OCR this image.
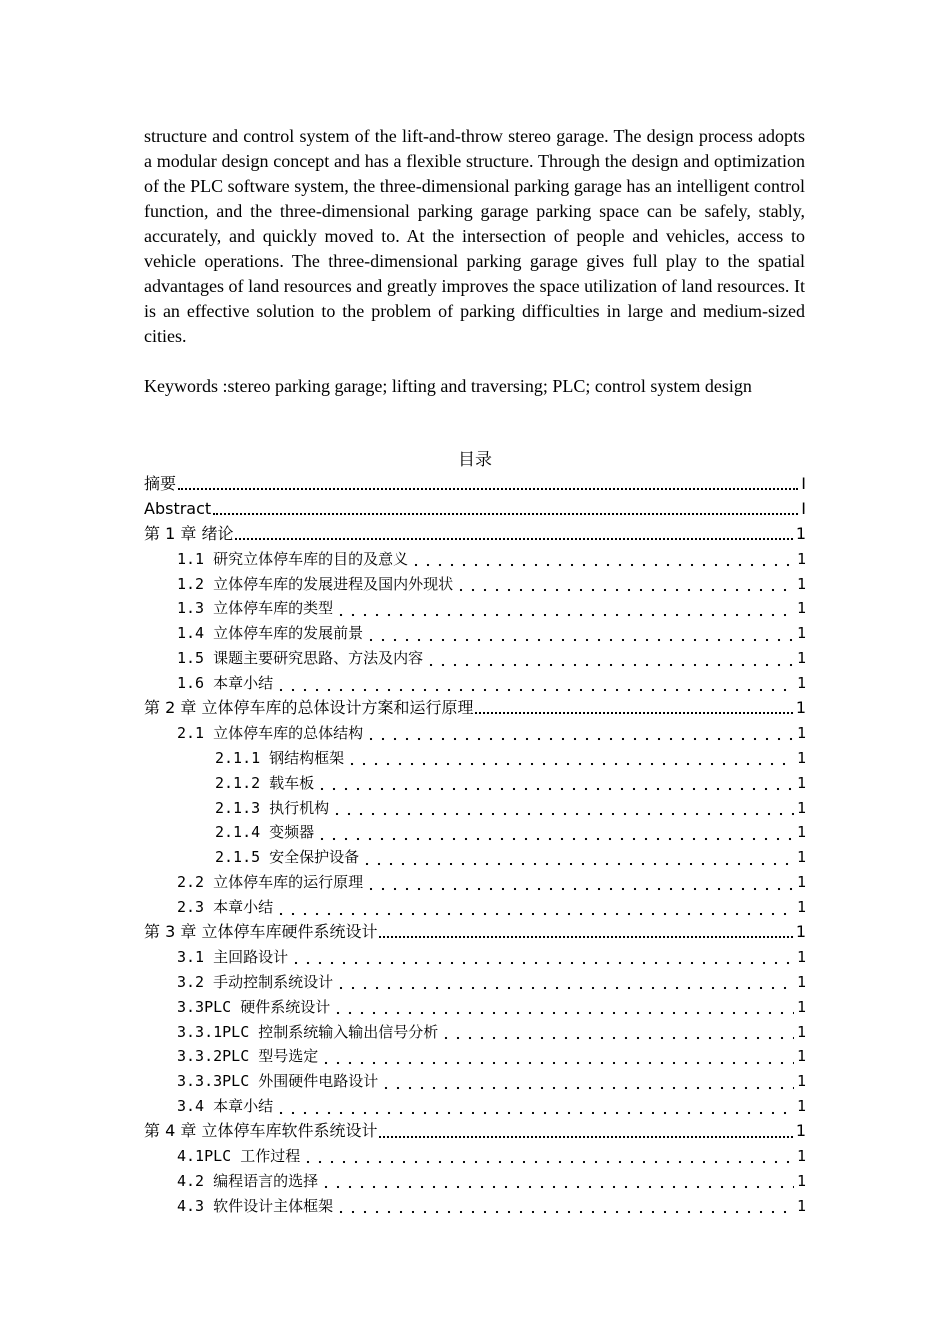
structure and control system of the lift-and-throw stereo garage. The design process adopts a modular design concept and has a flexible structure. Through the design and optimization of the PLC software system, the three-dimensional parking garage has an intelligent control function, and the three-dimensional parking garage parking space can be safely, stably, accurately, and quickly moved to. At the intersection of people and vehicles, access to vehicle operations. The three-dimensional parking garage gives full play to the spatial advantages of land resources and greatly improves the space utilization of land resources. It is an effective solution to the problem of parking difficulties in large and medium-sized cities.

Keywords :stereo parking garage; lifting and traversing; PLC; control system design

目录
摘要	I
Abstract	I
第 1 章 绪论	1
1.1 研究立体停车库的目的及意义	1
1.2 立体停车库的发展进程及国内外现状	1
1.3 立体停车库的类型	1
1.4 立体停车库的发展前景	1
1.5 课题主要研究思路、方法及内容	1
1.6 本章小结	1
第 2 章 立体停车库的总体设计方案和运行原理	1
2.1 立体停车库的总体结构	1
2.1.1 钢结构框架	1
2.1.2 载车板	1
2.1.3 执行机构	1
2.1.4 变频器	1
2.1.5 安全保护设备	1
2.2 立体停车库的运行原理	1
2.3 本章小结	1
第 3 章 立体停车库硬件系统设计	1
3.1 主回路设计	1
3.2 手动控制系统设计	1
3.3PLC 硬件系统设计	1
3.3.1PLC 控制系统输入输出信号分析	1
3.3.2PLC 型号选定	1
3.3.3PLC 外围硬件电路设计	1
3.4 本章小结	1
第 4 章 立体停车库软件系统设计	1
4.1PLC 工作过程	1
4.2 编程语言的选择	1
4.3 软件设计主体框架	1
